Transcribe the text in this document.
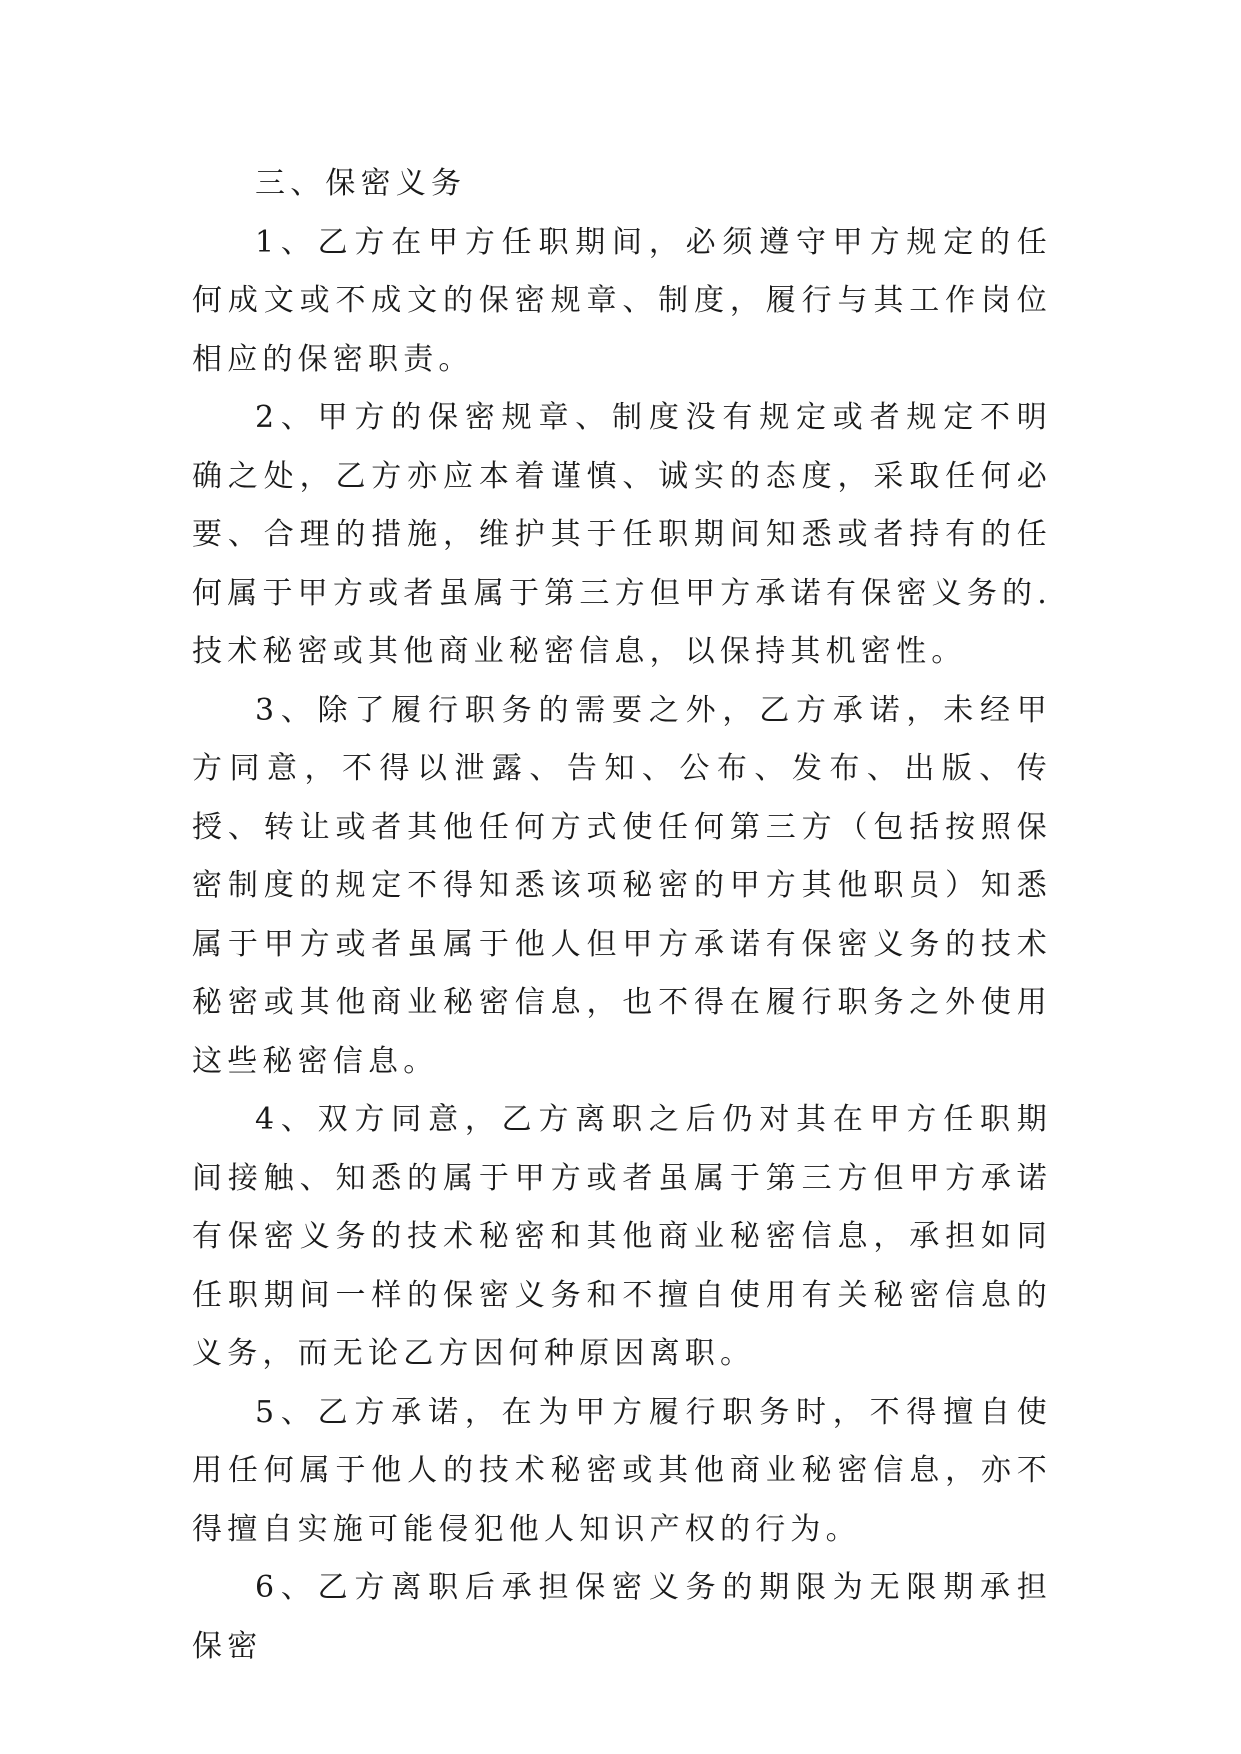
三、保密义务

1、乙方在甲方任职期间，必须遵守甲方规定的任何成文或不成文的保密规章、制度，履行与其工作岗位相应的保密职责。

2、甲方的保密规章、制度没有规定或者规定不明确之处，乙方亦应本着谨慎、诚实的态度，采取任何必要、合理的措施，维护其于任职期间知悉或者持有的任何属于甲方或者虽属于第三方但甲方承诺有保密义务的.技术秘密或其他商业秘密信息，以保持其机密性。

3、除了履行职务的需要之外，乙方承诺，未经甲方同意，不得以泄露、告知、公布、发布、出版、传授、转让或者其他任何方式使任何第三方（包括按照保密制度的规定不得知悉该项秘密的甲方其他职员）知悉属于甲方或者虽属于他人但甲方承诺有保密义务的技术秘密或其他商业秘密信息，也不得在履行职务之外使用这些秘密信息。

4、双方同意，乙方离职之后仍对其在甲方任职期间接触、知悉的属于甲方或者虽属于第三方但甲方承诺有保密义务的技术秘密和其他商业秘密信息，承担如同任职期间一样的保密义务和不擅自使用有关秘密信息的义务，而无论乙方因何种原因离职。

5、乙方承诺，在为甲方履行职务时，不得擅自使用任何属于他人的技术秘密或其他商业秘密信息，亦不得擅自实施可能侵犯他人知识产权的行为。

6、乙方离职后承担保密义务的期限为无限期承担保密
